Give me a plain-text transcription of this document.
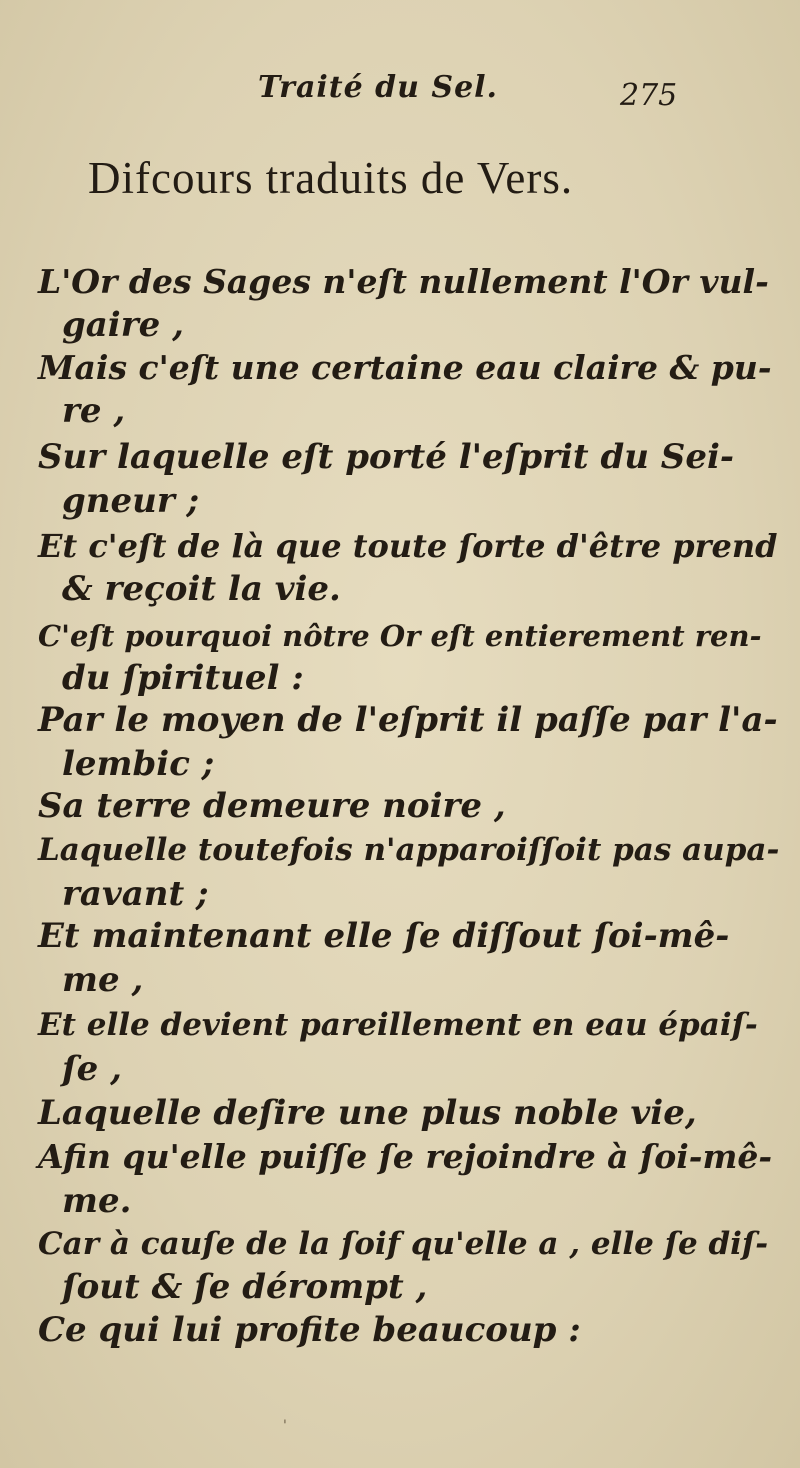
Traité du Sel.	275
Difcours traduits de Vers.
L'Or des Sages n'eſt nullement l'Or vul-
gaire ,
Mais c'eſt une certaine eau claire & pu-
re ,
Sur laquelle eſt porté l'eſprit du Sei-
gneur ;
Et c'eſt de là que toute ſorte d'être prend
& reçoit la vie.
C'eſt pourquoi nôtre Or eſt entierement ren-
du ſpirituel :
Par le moyen de l'eſprit il paſſe par l'a-
lembic ;
Sa terre demeure noire ,
Laquelle toutefois n'apparoiſſoit pas aupa-
ravant ;
Et maintenant elle ſe diſſout ſoi-mê-
me ,
Et elle devient pareillement en eau épaiſ-
ſe ,
Laquelle deſire une plus noble vie,
Afin qu'elle puiſſe ſe rejoindre à ſoi-mê-
me.
Car à cauſe de la ſoif qu'elle a , elle ſe diſ-
ſout & ſe dérompt ,
Ce qui lui profite beaucoup :
'
